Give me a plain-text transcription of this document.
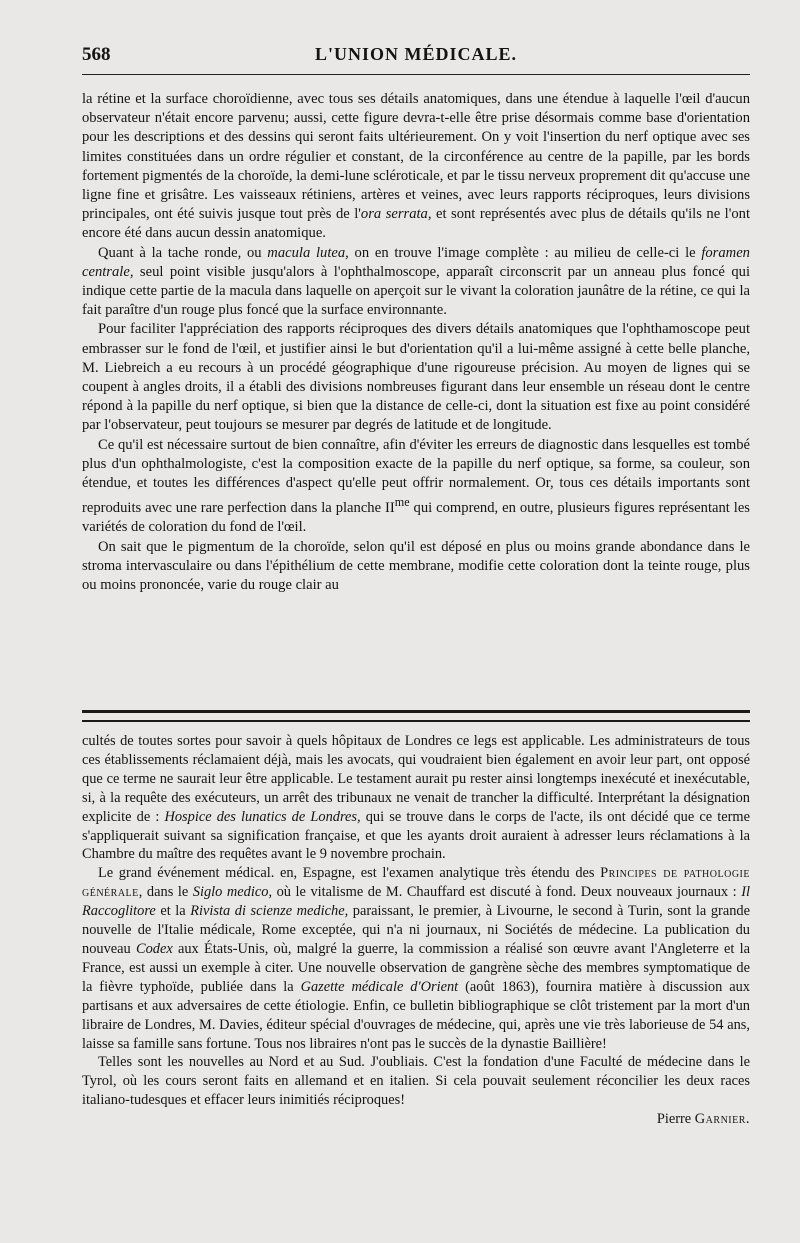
568	L'UNION MÉDICALE.

la rétine et la surface choroïdienne, avec tous ses détails anatomiques, dans une étendue à laquelle l'œil d'aucun observateur n'était encore parvenu; aussi, cette figure devra-t-elle être prise désormais comme base d'orientation pour les descriptions et des dessins qui seront faits ultérieurement. On y voit l'insertion du nerf optique avec ses limites constituées dans un ordre régulier et constant, de la circonférence au centre de la papille, par les bords fortement pigmentés de la choroïde, la demi-lune scléroticale, et par le tissu nerveux proprement dit qu'accuse une ligne fine et grisâtre. Les vaisseaux rétiniens, artères et veines, avec leurs rapports réciproques, leurs divisions principales, ont été suivis jusque tout près de l'ora serrata, et sont représentés avec plus de détails qu'ils ne l'ont encore été dans aucun dessin anatomique.

Quant à la tache ronde, ou macula lutea, on en trouve l'image complète : au milieu de celle-ci le foramen centrale, seul point visible jusqu'alors à l'ophthalmoscope, apparaît circonscrit par un anneau plus foncé qui indique cette partie de la macula dans laquelle on aperçoit sur le vivant la coloration jaunâtre de la rétine, ce qui la fait paraître d'un rouge plus foncé que la surface environnante.

Pour faciliter l'appréciation des rapports réciproques des divers détails anatomiques que l'ophthamoscope peut embrasser sur le fond de l'œil, et justifier ainsi le but d'orientation qu'il a lui-même assigné à cette belle planche, M. Liebreich a eu recours à un procédé géographique d'une rigoureuse précision. Au moyen de lignes qui se coupent à angles droits, il a établi des divisions nombreuses figurant dans leur ensemble un réseau dont le centre répond à la papille du nerf optique, si bien que la distance de celle-ci, dont la situation est fixe au point considéré par l'observateur, peut toujours se mesurer par degrés de latitude et de longitude.

Ce qu'il est nécessaire surtout de bien connaître, afin d'éviter les erreurs de diagnostic dans lesquelles est tombé plus d'un ophthalmologiste, c'est la composition exacte de la papille du nerf optique, sa forme, sa couleur, son étendue, et toutes les différences d'aspect qu'elle peut offrir normalement. Or, tous ces détails importants sont reproduits avec une rare perfection dans la planche $II^{me}$ qui comprend, en outre, plusieurs figures représentant les variétés de coloration du fond de l'œil.

On sait que le pigmentum de la choroïde, selon qu'il est déposé en plus ou moins grande abondance dans le stroma intervasculaire ou dans l'épithélium de cette membrane, modifie cette coloration dont la teinte rouge, plus ou moins prononcée, varie du rouge clair au

cultés de toutes sortes pour savoir à quels hôpitaux de Londres ce legs est applicable. Les administrateurs de tous ces établissements réclamaient déjà, mais les avocats, qui voudraient bien également en avoir leur part, ont opposé que ce terme ne saurait leur être applicable. Le testament aurait pu rester ainsi longtemps inexécuté et inexécutable, si, à la requête des exécuteurs, un arrêt des tribunaux ne venait de trancher la difficulté. Interprétant la désignation explicite de : Hospice des lunatics de Londres, qui se trouve dans le corps de l'acte, ils ont décidé que ce terme s'appliquerait suivant sa signification française, et que les ayants droit auraient à adresser leurs réclamations à la Chambre du maître des requêtes avant le 9 novembre prochain.

Le grand événement médical. en, Espagne, est l'examen analytique très étendu des Principes de pathologie générale, dans le Siglo medico, où le vitalisme de M. Chauffard est discuté à fond. Deux nouveaux journaux : Il Raccoglitore et la Rivista di scienze mediche, paraissant, le premier, à Livourne, le second à Turin, sont la grande nouvelle de l'Italie médicale, Rome exceptée, qui n'a ni journaux, ni Sociétés de médecine. La publication du nouveau Codex aux États-Unis, où, malgré la guerre, la commission a réalisé son œuvre avant l'Angleterre et la France, est aussi un exemple à citer. Une nouvelle observation de gangrène sèche des membres symptomatique de la fièvre typhoïde, publiée dans la Gazette médicale d'Orient (août 1863), fournira matière à discussion aux partisans et aux adversaires de cette étiologie. Enfin, ce bulletin bibliographique se clôt tristement par la mort d'un libraire de Londres, M. Davies, éditeur spécial d'ouvrages de médecine, qui, après une vie très laborieuse de 54 ans, laisse sa famille sans fortune. Tous nos libraires n'ont pas le succès de la dynastie Baillière!

Telles sont les nouvelles au Nord et au Sud. J'oubliais. C'est la fondation d'une Faculté de médecine dans le Tyrol, où les cours seront faits en allemand et en italien. Si cela pouvait seulement réconcilier les deux races italiano-tudesques et effacer leurs inimitiés réciproques!

Pierre Garnier.
